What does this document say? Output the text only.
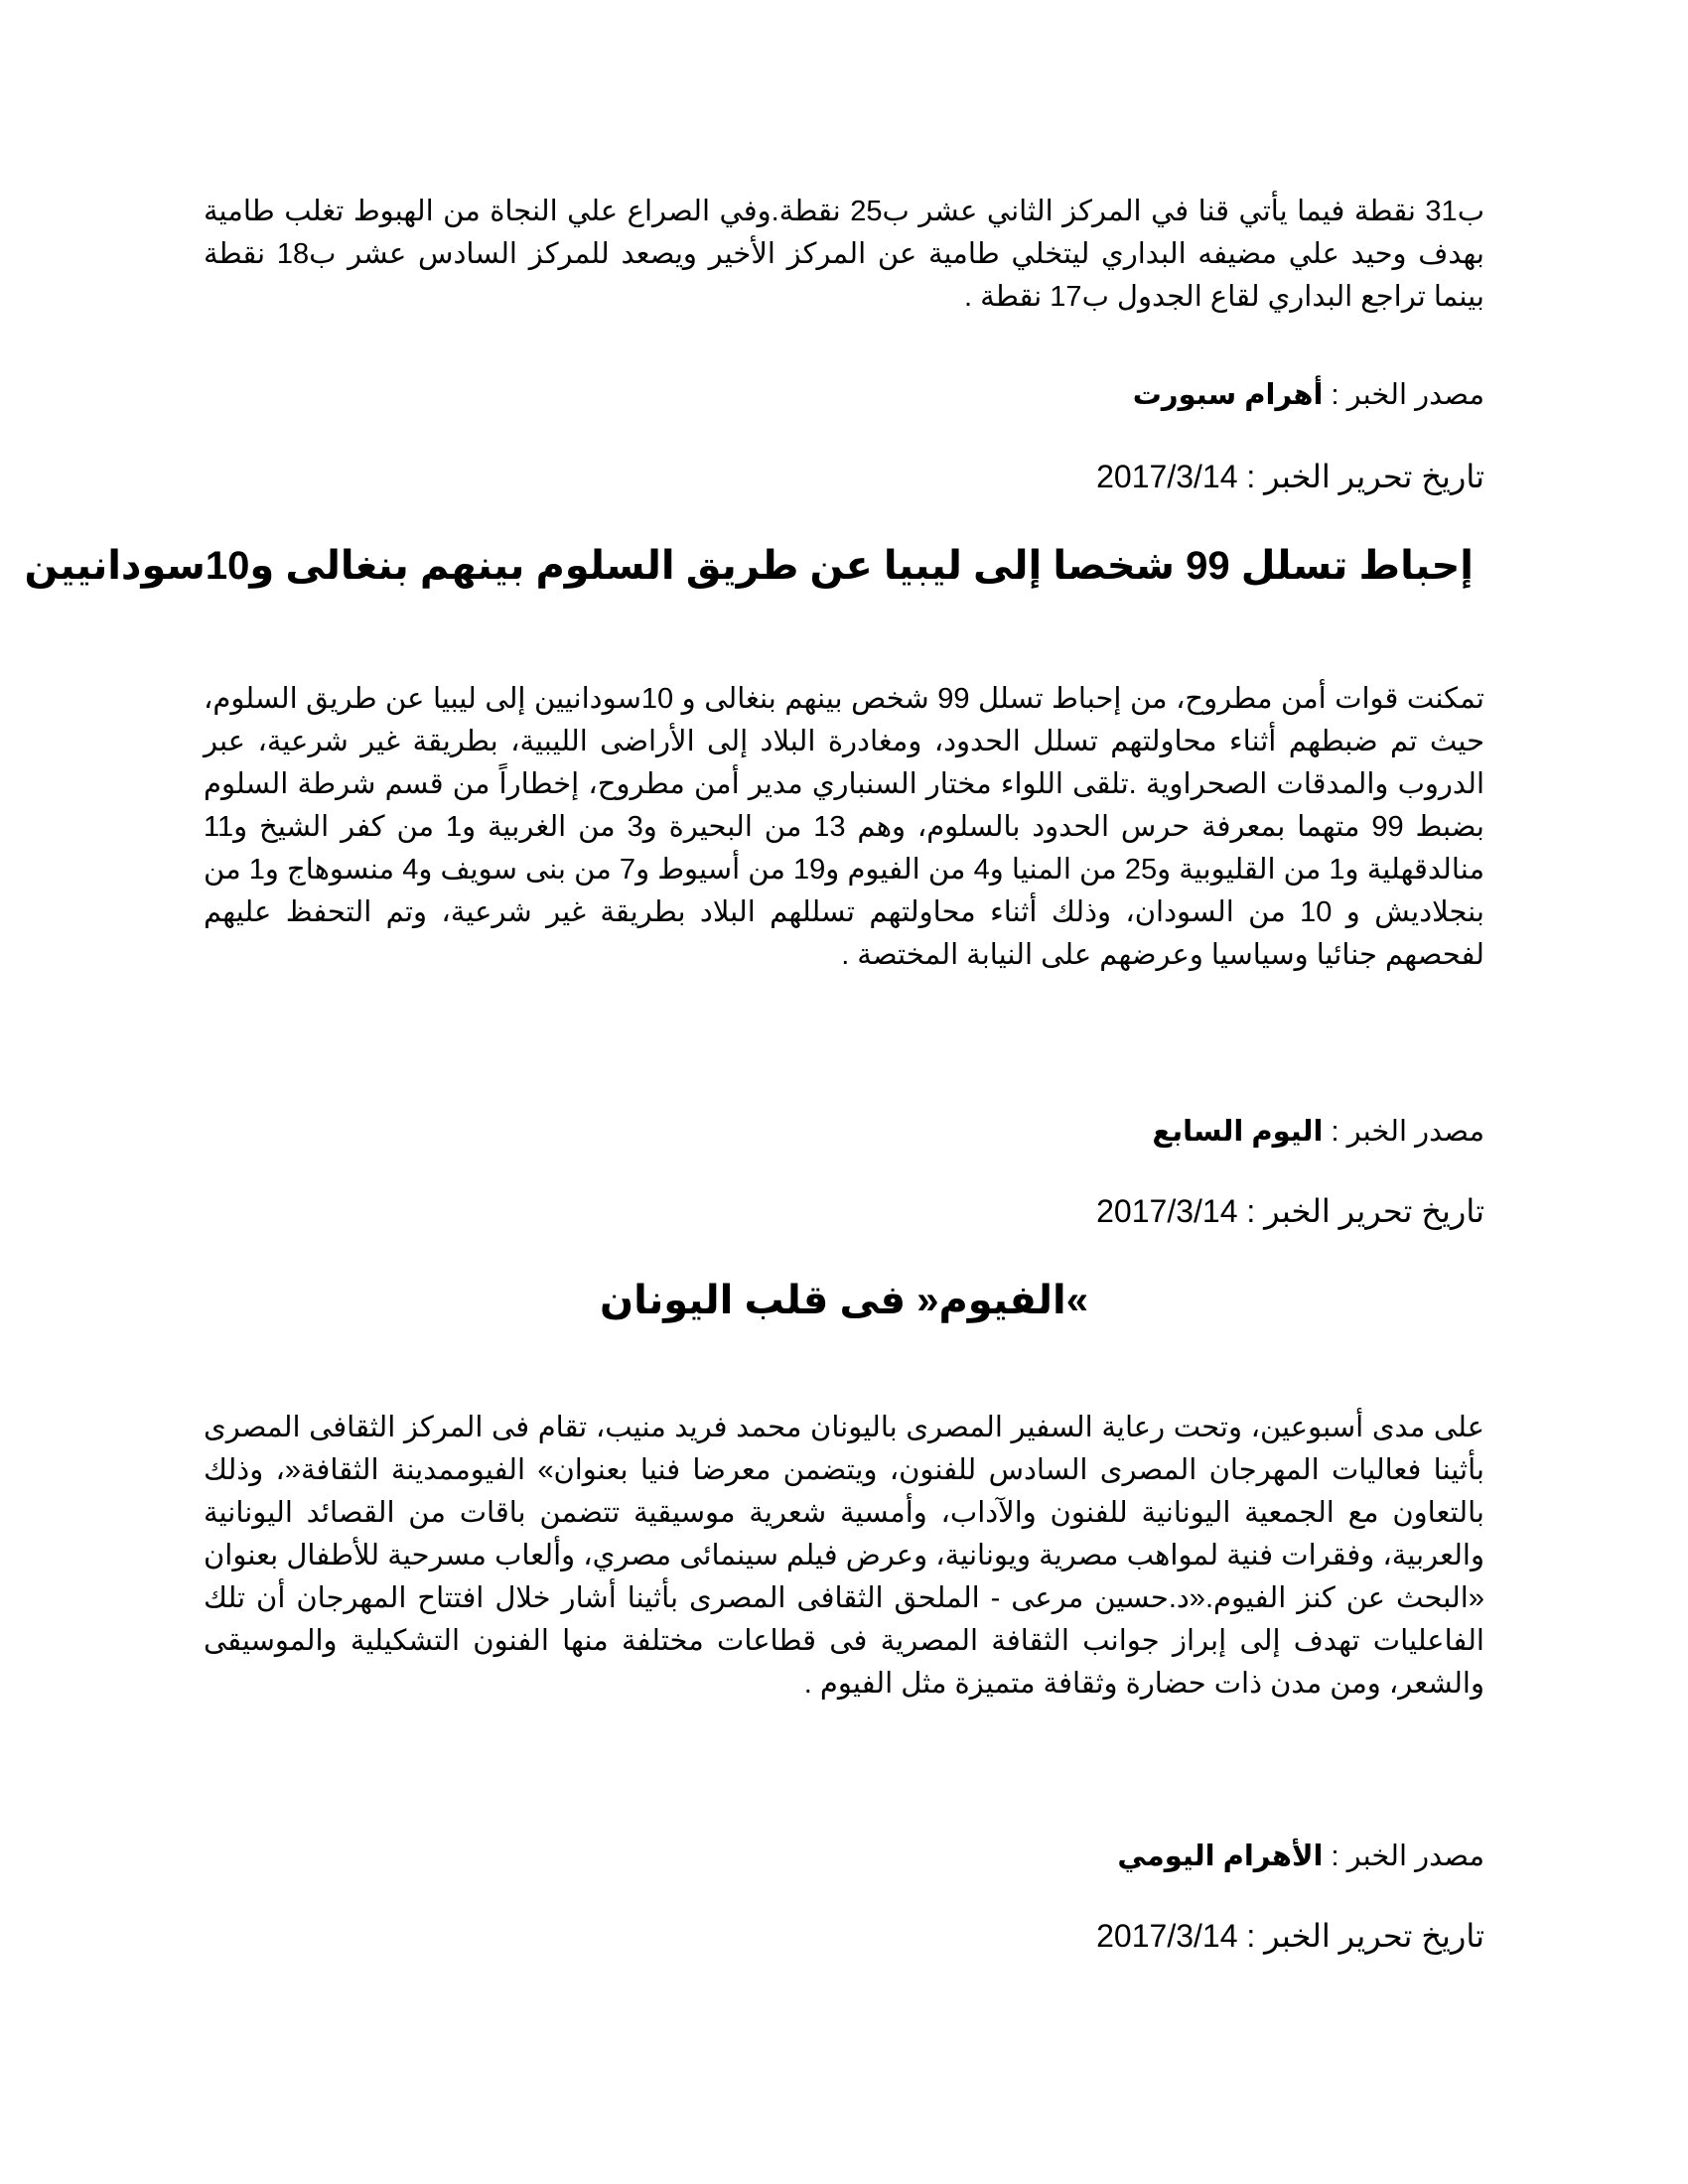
ب31 نقطة فيما يأتي قنا في المركز الثاني عشر ب25 نقطة.وفي الصراع علي النجاة من الهبوط تغلب طامية بهدف وحيد علي مضيفه البداري ليتخلي طامية عن المركز الأخير ويصعد للمركز السادس عشر ب18 نقطة بينما تراجع البداري لقاع الجدول ب17 نقطة .

مصدر الخبر : أهرام سبورت

تاريخ تحرير الخبر : 2017/3/14

إحباط تسلل 99 شخصا إلى ليبيا عن طريق السلوم بينهم بنغالى و10سودانيين

تمكنت قوات أمن مطروح، من إحباط تسلل 99 شخص بينهم بنغالى و 10سودانيين إلى ليبيا عن طريق السلوم، حيث تم ضبطهم أثناء محاولتهم تسلل الحدود، ومغادرة البلاد إلى الأراضى الليبية، بطريقة غير شرعية، عبر الدروب والمدقات الصحراوية .تلقى اللواء مختار السنباري مدير أمن مطروح، إخطاراً من قسم شرطة السلوم بضبط 99 متهما بمعرفة حرس الحدود بالسلوم، وهم 13 من البحيرة و3 من الغربية و1 من كفر الشيخ و11 منالدقهلية و1 من القليوبية و25 من المنيا و4 من الفيوم و19 من أسيوط و7 من بنى سويف و4 منسوهاج و1 من بنجلاديش و 10 من السودان، وذلك أثناء محاولتهم تسللهم البلاد بطريقة غير شرعية، وتم التحفظ عليهم لفحصهم جنائيا وسياسيا وعرضهم على النيابة المختصة .

مصدر الخبر : اليوم السابع

تاريخ تحرير الخبر : 2017/3/14

»الفيوم« فى قلب اليونان

على مدى أسبوعين، وتحت رعاية السفير المصرى باليونان محمد فريد منيب، تقام فى المركز الثقافى المصرى بأثينا فعاليات المهرجان المصرى السادس للفنون، ويتضمن معرضا فنيا بعنوان» الفيوممدينة الثقافة«، وذلك بالتعاون مع الجمعية اليونانية للفنون والآداب، وأمسية شعرية موسيقية تتضمن باقات من القصائد اليونانية والعربية، وفقرات فنية لمواهب مصرية ويونانية، وعرض فيلم سينمائى مصري، وألعاب مسرحية للأطفال بعنوان «البحث عن كنز الفيوم.«د.حسين مرعى - الملحق الثقافى المصرى بأثينا أشار خلال افتتاح المهرجان أن تلك الفاعليات تهدف إلى إبراز جوانب الثقافة المصرية فى قطاعات مختلفة منها الفنون التشكيلية والموسيقى والشعر، ومن مدن ذات حضارة وثقافة متميزة مثل الفيوم .

مصدر الخبر : الأهرام اليومي

تاريخ تحرير الخبر : 2017/3/14
